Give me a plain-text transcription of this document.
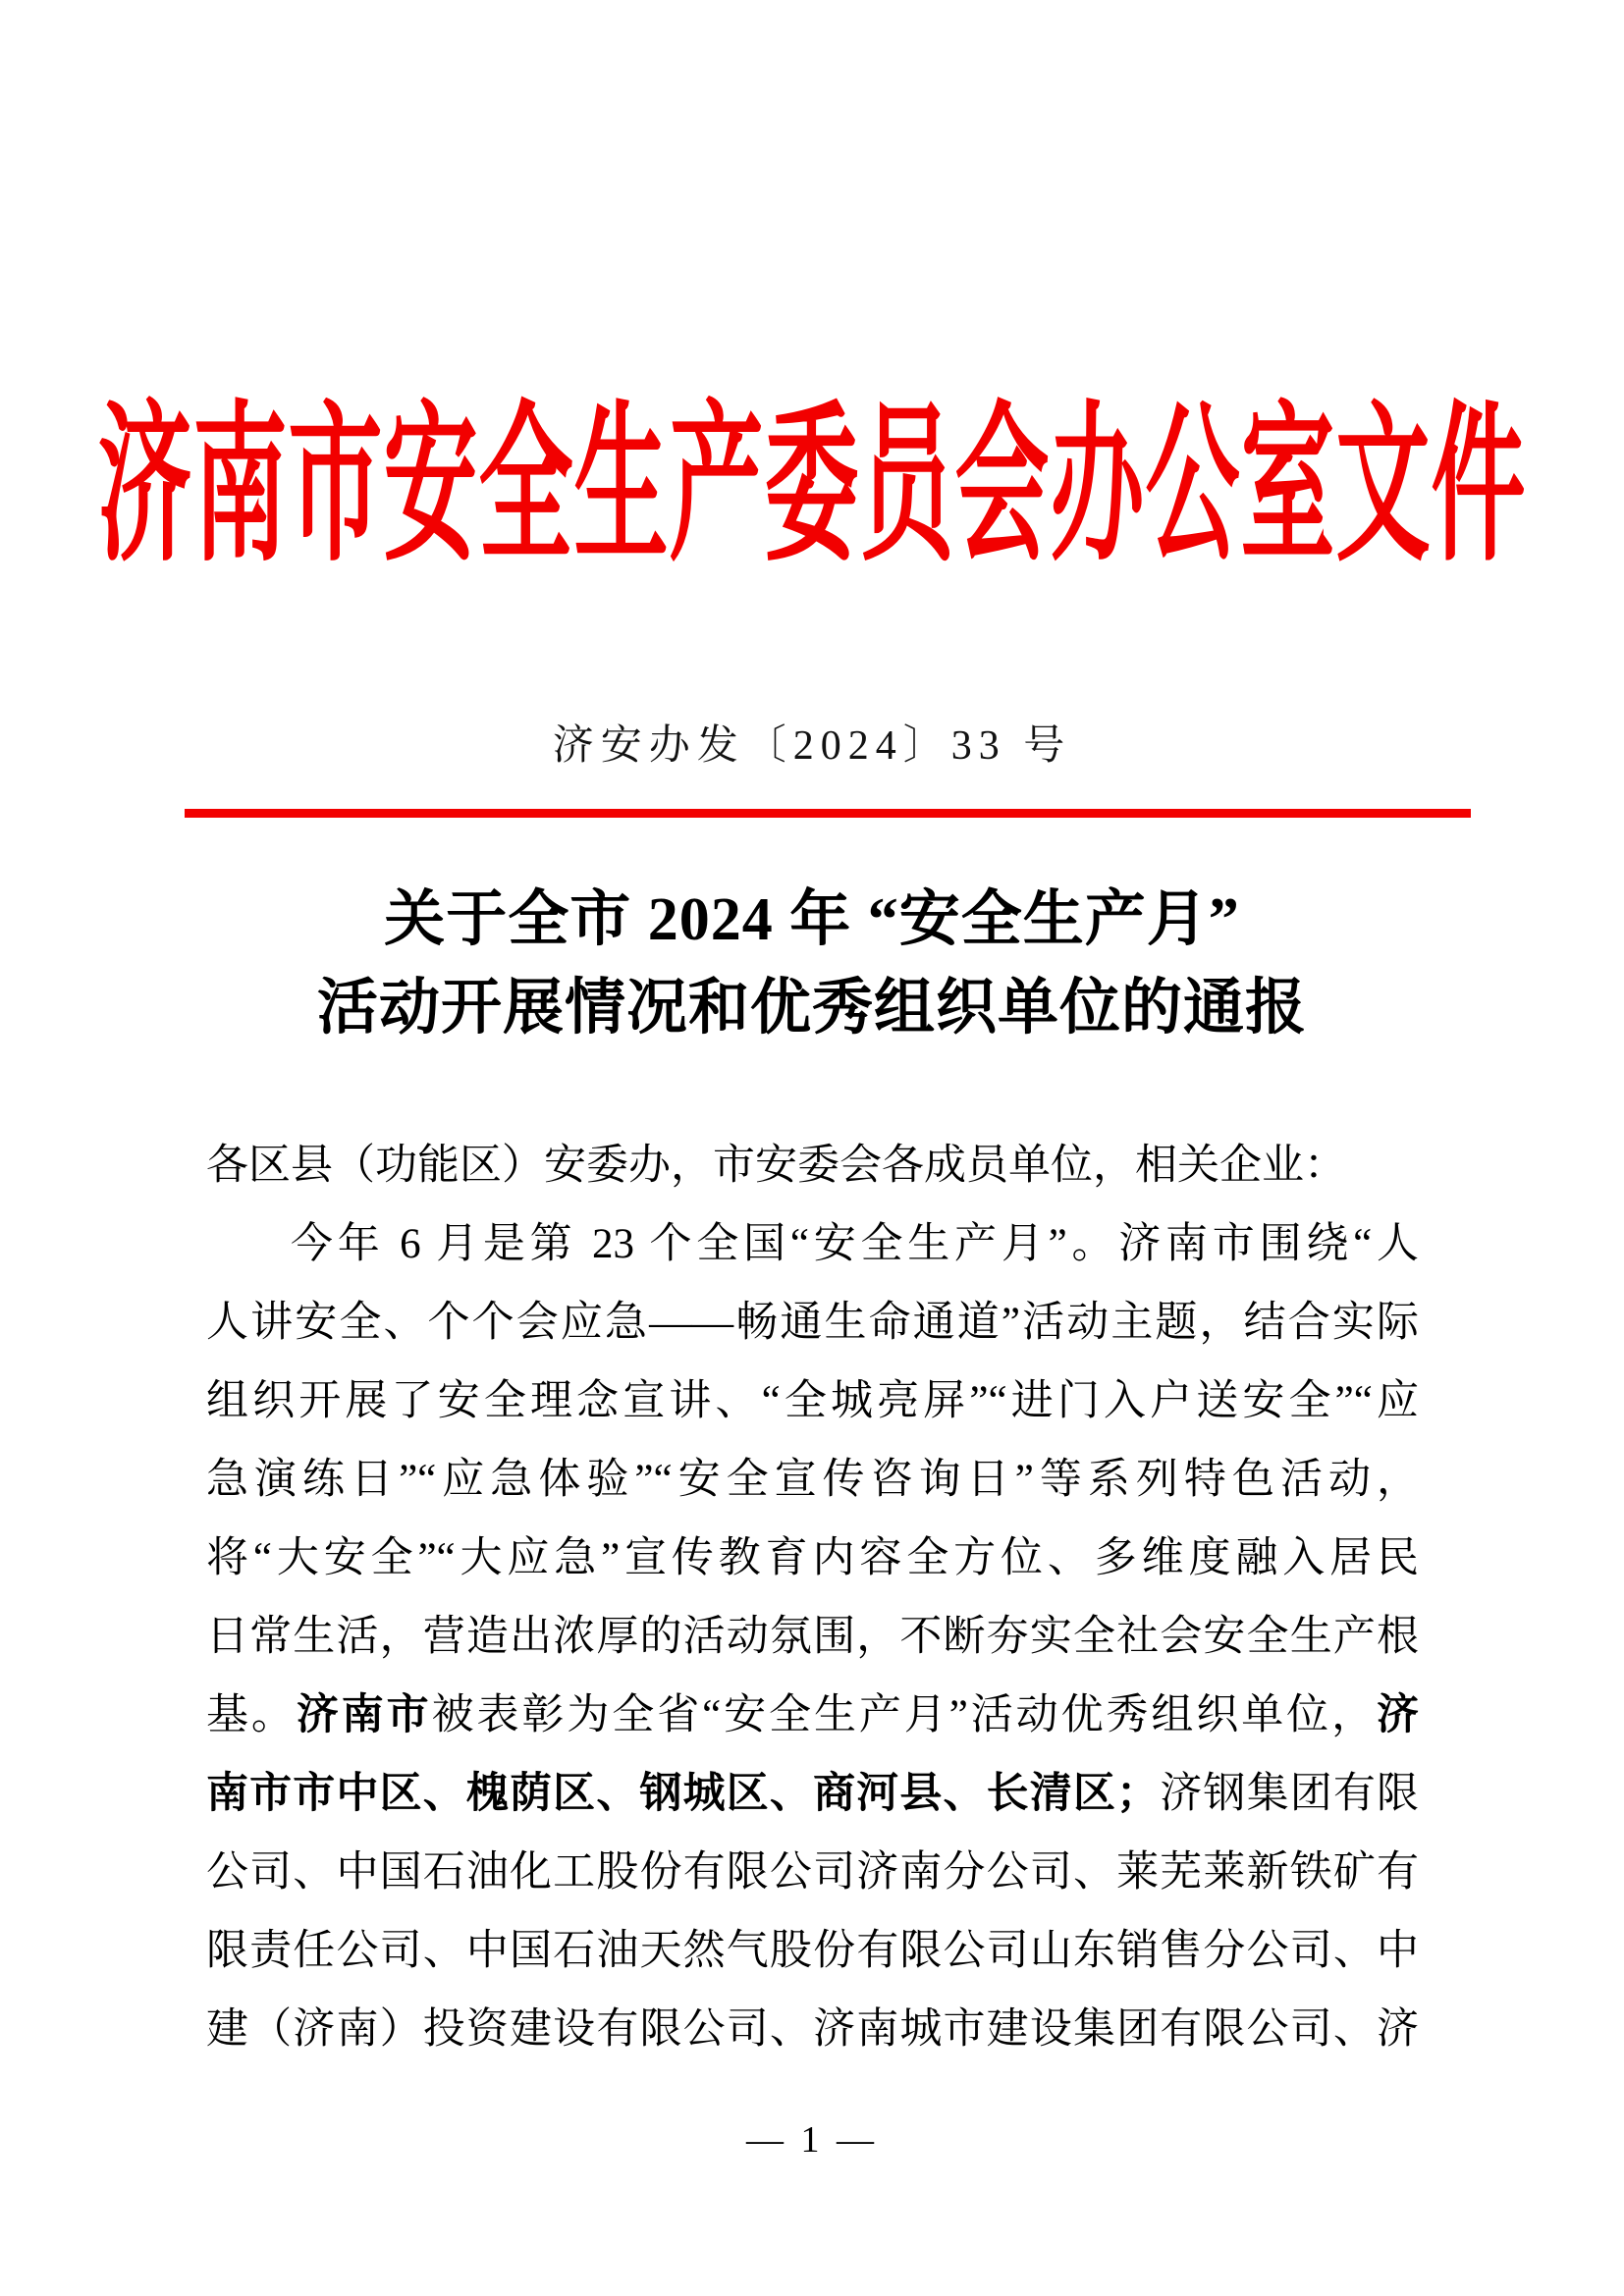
济南市安全生产委员会办公室文件
济安办发〔2024〕33 号
关于全市 2024 年 “安全生产月”
活动开展情况和优秀组织单位的通报
各区县（功能区）安委办，市安委会各成员单位，相关企业：
今年 6 月是第 23 个全国“安全生产月”。济南市围绕“人
人讲安全、个个会应急——畅通生命通道”活动主题，结合实际
组织开展了安全理念宣讲、“全城亮屏”“进门入户送安全”“应
急演练日”“应急体验”“安全宣传咨询日”等系列特色活动，
将“大安全”“大应急”宣传教育内容全方位、多维度融入居民
日常生活，营造出浓厚的活动氛围，不断夯实全社会安全生产根
基。济南市被表彰为全省“安全生产月”活动优秀组织单位，济
南市市中区、槐荫区、钢城区、商河县、长清区；济钢集团有限
公司、中国石油化工股份有限公司济南分公司、莱芜莱新铁矿有
限责任公司、中国石油天然气股份有限公司山东销售分公司、中
建（济南）投资建设有限公司、济南城市建设集团有限公司、济
— 1 —
